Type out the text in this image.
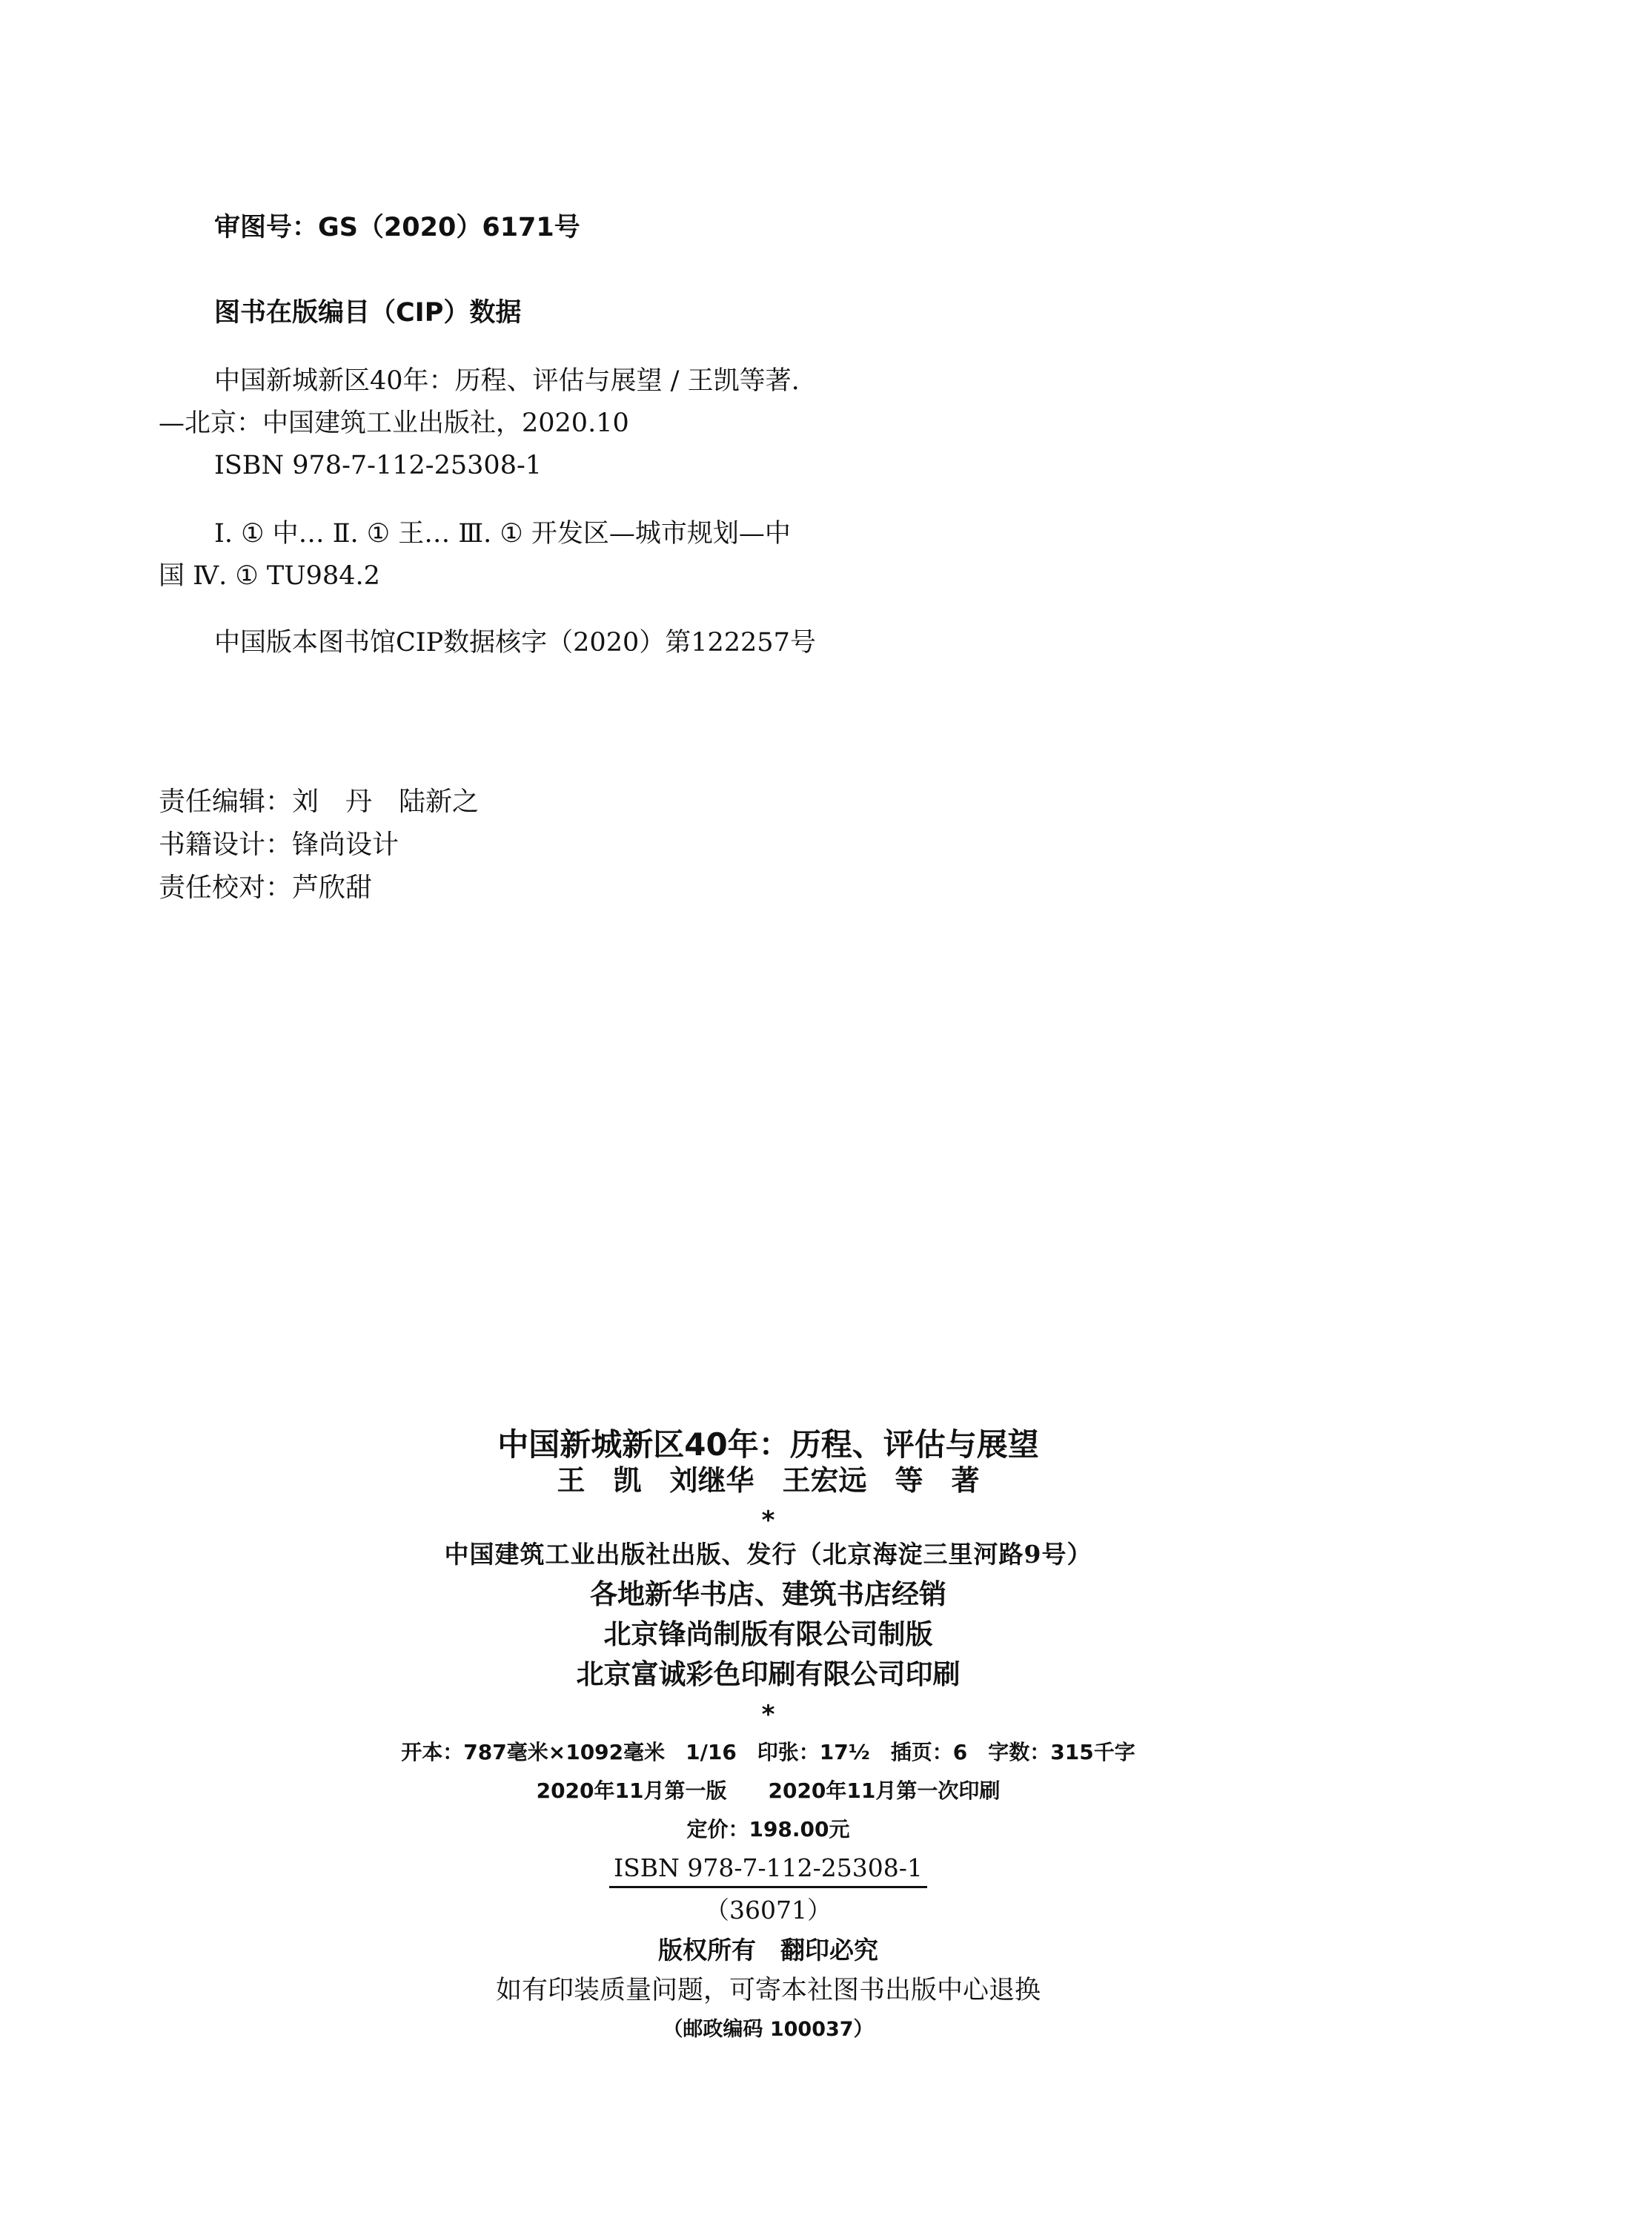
审图号：GS（2020）6171号
图书在版编目（CIP）数据
中国新城新区40年：历程、评估与展望 / 王凯等著.
—北京：中国建筑工业出版社，2020.10
ISBN 978-7-112-25308-1
Ⅰ. ① 中… Ⅱ. ① 王… Ⅲ. ① 开发区—城市规划—中
国 Ⅳ. ① TU984.2
中国版本图书馆CIP数据核字（2020）第122257号
责任编辑：刘　丹　陆新之
书籍设计：锋尚设计
责任校对：芦欣甜
中国新城新区40年：历程、评估与展望
王　凯　刘继华　王宏远　等　著
*
中国建筑工业出版社出版、发行（北京海淀三里河路9号）
各地新华书店、建筑书店经销
北京锋尚制版有限公司制版
北京富诚彩色印刷有限公司印刷
*
开本：787毫米×1092毫米　1/16　印张：17½　插页：6　字数：315千字
2020年11月第一版　　2020年11月第一次印刷
定价：198.00元
ISBN 978-7-112-25308-1
（36071）
版权所有　翻印必究
如有印装质量问题，可寄本社图书出版中心退换
（邮政编码 100037）
